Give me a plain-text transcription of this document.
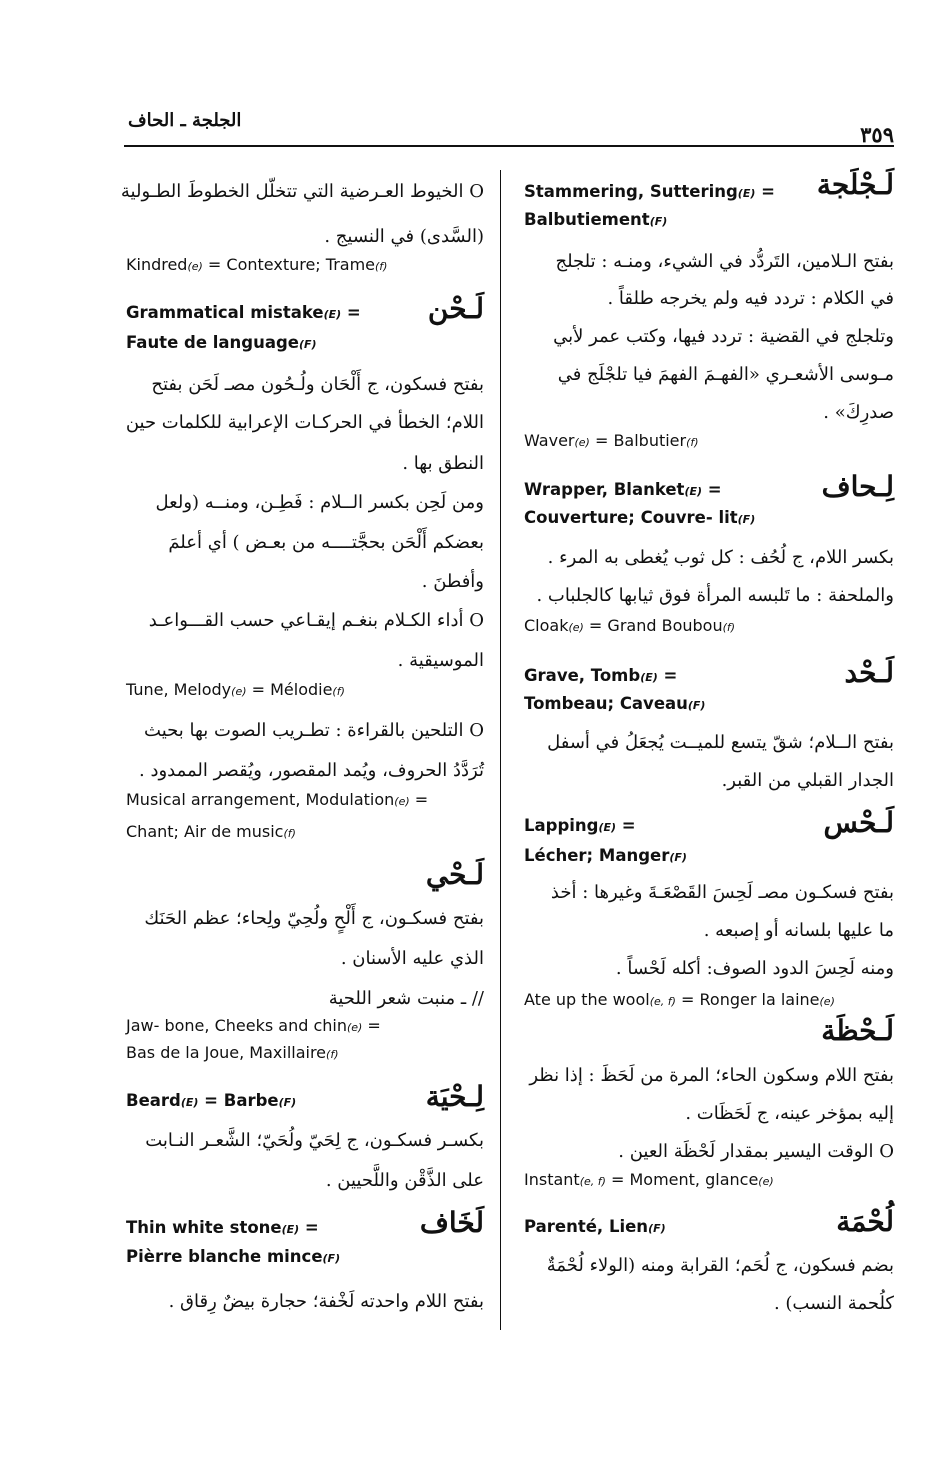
الجلجة ـ الحاف
٣٥٩
لَـجْلَجة
Stammering, Suttering(E) =
Balbutiement(F)
بفتح الـلامين، التَردُّد في الشيء، ومنـه : تلجلج
في الكلام : تردد فيه ولم يخرجه طلقاً .
وتلجلج في القضية : تردد فيها، وكتب عمر لأبي
مـوسى الأشعـري «الفهـمَ الفهمَ فيا تلجْلَج في
صدرِكَ» .
Waver(e) = Balbutier(f)
لِـحاف
Wrapper, Blanket(E) =
Couverture; Couvre- lit(F)
بكسر اللام، ج لُحُف : كل ثوب يُغطى به المرء .
والملحفة : ما تَلبسه المرأة فوق ثيابها كالجلباب .
Cloak(e) = Grand Boubou(f)
لَـحْد
Grave, Tomb(E) =
Tombeau; Caveau(F)
بفتح الــلام؛ شقّ يتسع للميــت يُجعَلُ في أسفل
الجدار القبلي من القبر.
لَـحْس
Lapping(E) =
Lécher; Manger(F)
بفتح فسكـون مصـ لَحِسَ القَصْعَـةَ وغيرها : أخذ
ما عليها بلسانه أو إصبعه .
ومنه لَحِسَ الدود الصوف: أكله لَحْساً .
Ate up the wool(e, f) = Ronger la laine(e)
لَـحْظَة
بفتح اللام وسكون الحاء؛ المرة من لَحَظَ : إذا نظر
إليه بمؤخر عينه، ج لَحَظَات .
O الوقت اليسير بمقدار لَحْظَة العين .
Instant(e, f) = Moment, glance(e)
لُحْمَة
Parenté, Lien(F)
بضم فسكون، ج لُحَم؛ القرابة ومنه (الولاء لُحْمَةٌ
كلُحمة النسب) .
O الخيوط العـرضية التي تتخلّل الخطوطَ الطـولية
(السَّدى) في النسيج .
Kindred(e) = Contexture; Trame(f)
لَـحْن
Grammatical mistake(E) =
Faute de language(F)
بفتح فسكون، ج أَلْحَان ولُـحُون مصـ لَحَن بفتح
اللام؛ الخطأ في الحركـات الإعرابية للكلمات حين
النطق بها .
ومن لَحِن بكسر الــلام : فَطِـن، ومنــه (ولعل
بعضكم أَلْحَن بحجَّتــــه من بعـض ) أي أعلمَ
وأفطنَ .
O أداء الكـلام بنغـم إيقـاعي حسب القـــواعـد
الموسيقية .
Tune, Melody(e) = Mélodie(f)
O التلحين بالقراءة : تطـريب الصوت بها بحيث
تُرَدَّدُ الحروف، ويُمد المقصور، ويُقصر الممدود .
Musical arrangement, Modulation(e) =
Chant; Air de music(f)
لَـحْي
بفتح فسكـون، ج أَلْحٍ ولُحِيّ ولِحاء؛ عظم الحَنَك
الذي عليه الأسنان .
// ـ منبت شعر اللحية
Jaw- bone, Cheeks and chin(e) =
Bas de la Joue, Maxillaire(f)
لِـحْيَة
Beard(E) = Barbe(F)
بكسـر فسكـون، ج لِحَيّ ولُحَيّ؛ الشَّعـر النـابت
على الذَّقْن واللَّحيين .
لَخَاف
Thin white stone(E) =
Pièrre blanche mince(F)
بفتح اللام واحدته لَخْفة؛ حجارة بيضٌ رِقاق .
